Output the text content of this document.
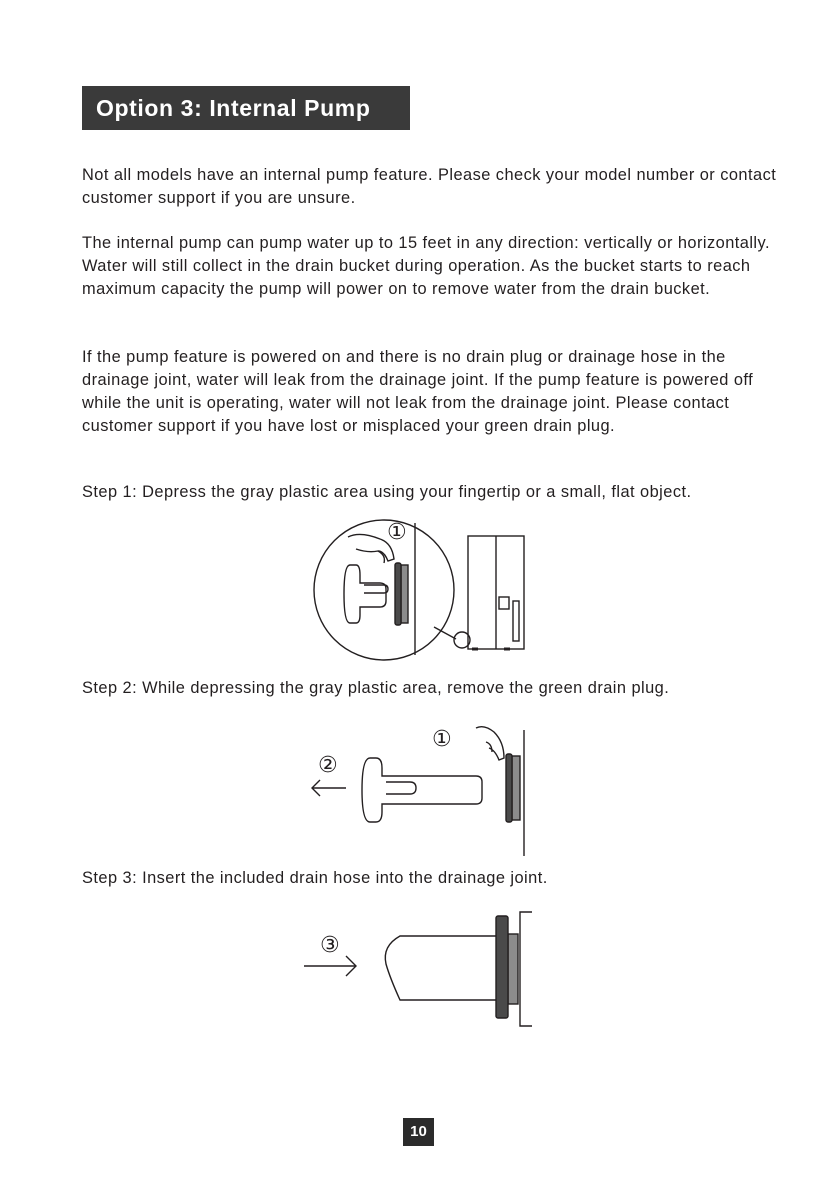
Option 3: Internal Pump

Not all models have an internal pump feature. Please check your model number or contact customer support if you are unsure.

The internal pump can pump water up to 15 feet in any direction: vertically or horizontally. Water will still collect in the drain bucket during operation. As the bucket starts to reach maximum capacity the pump will power on to remove water from the drain bucket.

If the pump feature is powered on and there is no drain plug or drainage hose in the drainage joint, water will leak from the drainage joint. If the pump feature is powered off while the unit is operating, water will not leak from the drainage joint. Please contact customer support if you have lost or misplaced your green drain plug.

Step 1: Depress the gray plastic area using your fingertip or a small, flat object.

①

Step 2: While depressing the gray plastic area, remove the green drain plug.

①
②

Step 3: Insert the included drain hose into the drainage joint.

③
10
